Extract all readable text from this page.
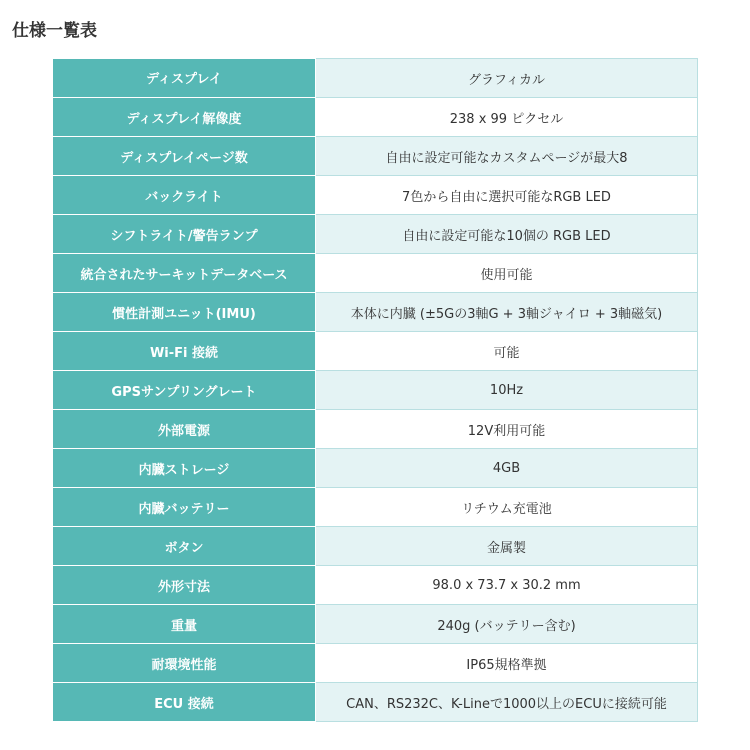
仕様一覧表
ディスプレイ	グラフィカル
ディスプレイ解像度	238 x 99 ピクセル
ディスプレイページ数	自由に設定可能なカスタムページが最大8
バックライト	7色から自由に選択可能なRGB LED
シフトライト/警告ランプ	自由に設定可能な10個の RGB LED
統合されたサーキットデータベース	使用可能
慣性計測ユニット(IMU)	本体に内臓 (±5Gの3軸G + 3軸ジャイロ + 3軸磁気)
Wi-Fi 接続	可能
GPSサンプリングレート	10Hz
外部電源	12V利用可能
内臓ストレージ	4GB
内臓バッテリー	リチウム充電池
ボタン	金属製
外形寸法	98.0 x 73.7 x 30.2 mm
重量	240g (バッテリー含む)
耐環境性能	IP65規格準拠
ECU 接続	CAN、RS232C、K-Lineで1000以上のECUに接続可能
